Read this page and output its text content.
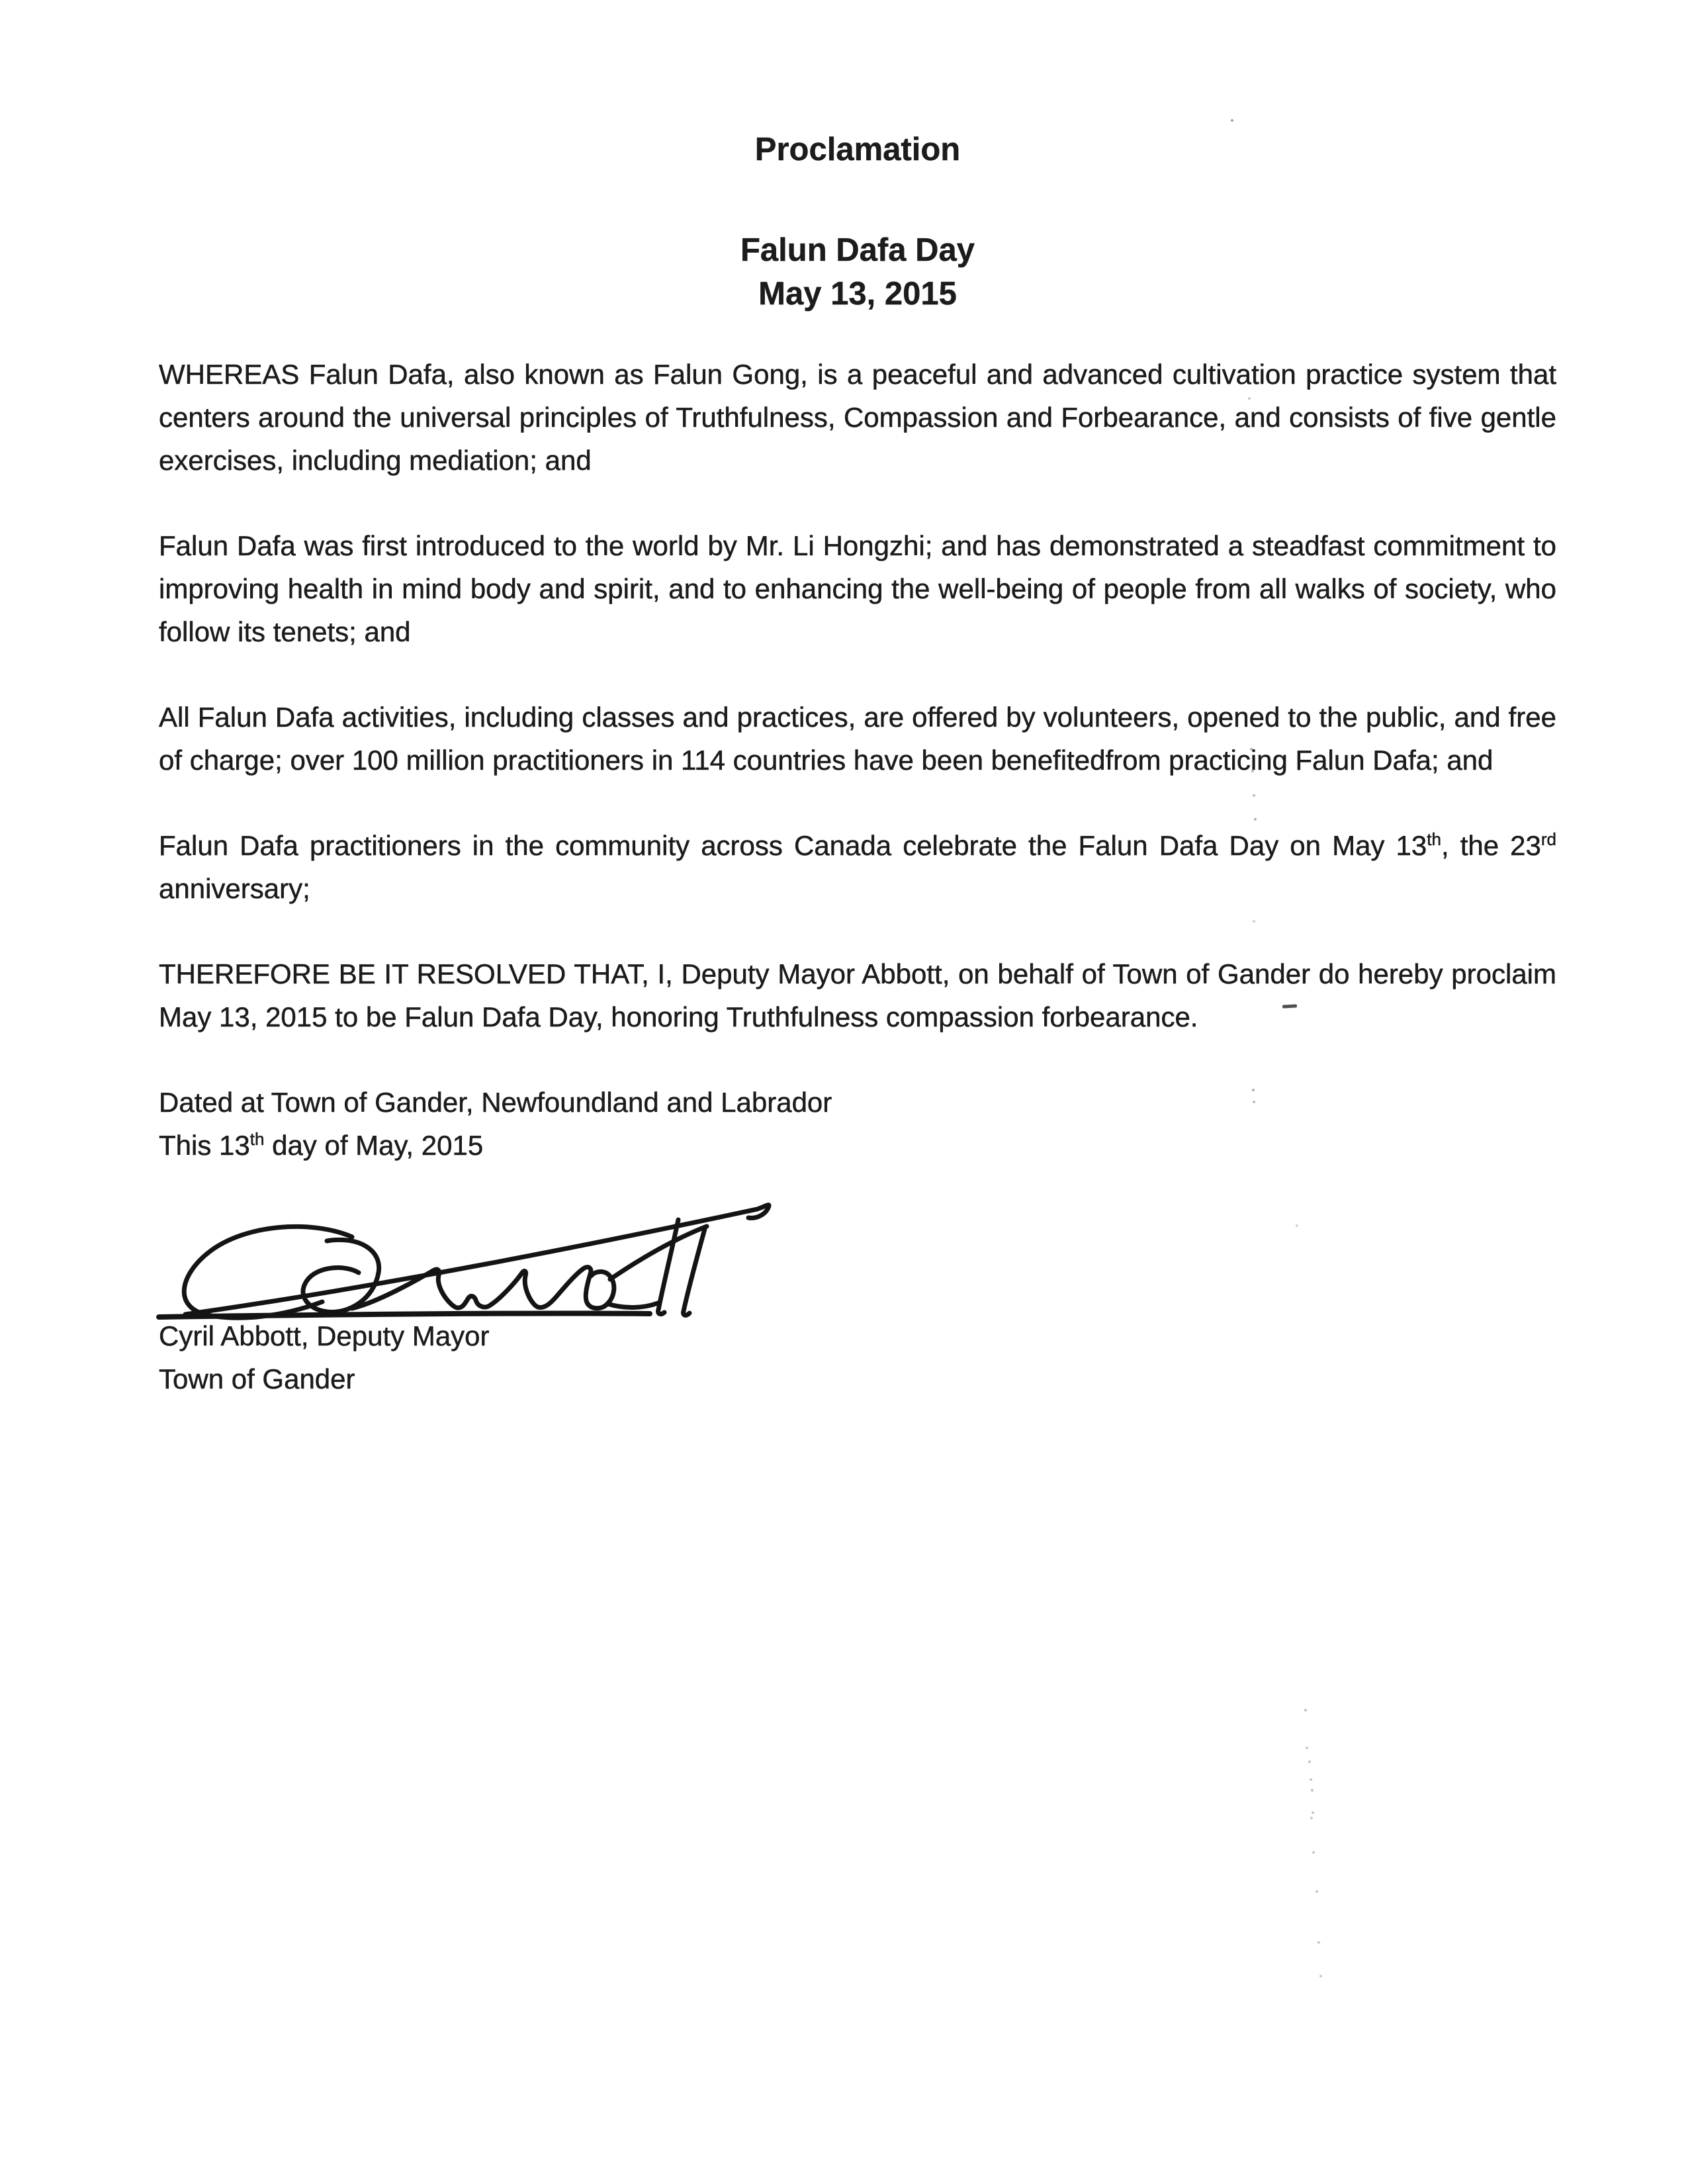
Proclamation
Falun Dafa Day
May 13, 2015

WHEREAS Falun Dafa, also known as Falun Gong, is a peaceful and advanced cultivation practice system that centers around the universal principles of Truthfulness, Compassion and Forbearance, and consists of five gentle exercises, including mediation; and

Falun Dafa was first introduced to the world by Mr. Li Hongzhi; and has demonstrated a steadfast commitment to improving health in mind body and spirit, and to enhancing the well-being of people from all walks of society, who follow its tenets; and

All Falun Dafa activities, including classes and practices, are offered by volunteers, opened to the public, and free of charge; over 100 million practitioners in 114 countries have been benefitedfrom practicing Falun Dafa; and

Falun Dafa practitioners in the community across Canada celebrate the Falun Dafa Day on May 13th, the 23rd anniversary;

THEREFORE BE IT RESOLVED THAT, I, Deputy Mayor Abbott, on behalf of Town of Gander do hereby proclaim May 13, 2015 to be Falun Dafa Day, honoring Truthfulness compassion forbearance.

Dated at Town of Gander, Newfoundland and Labrador
This 13th day of May, 2015
Cyril Abbott, Deputy Mayor
Town of Gander
